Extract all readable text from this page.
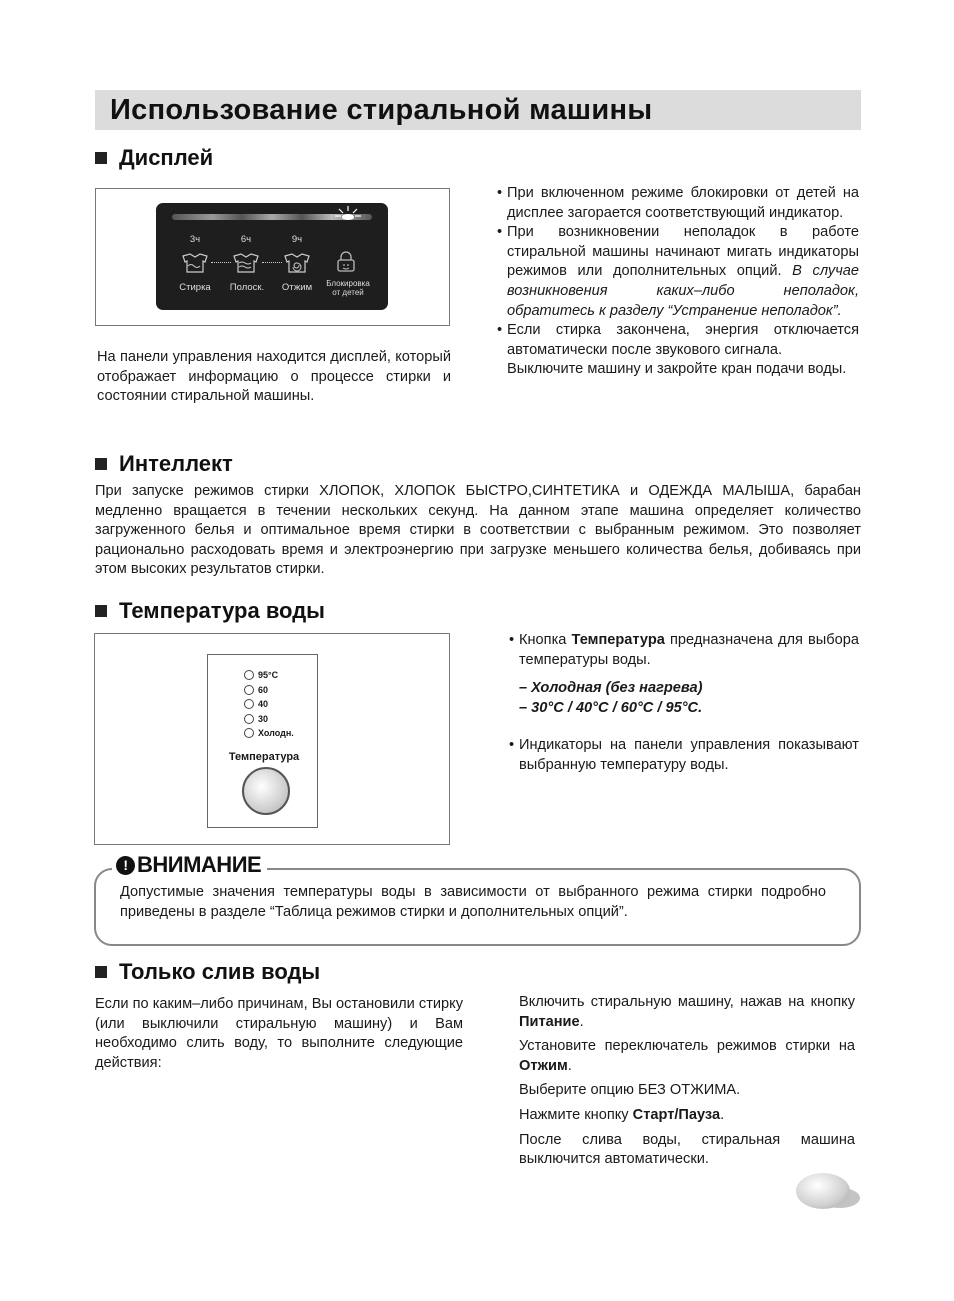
Использование стиральной машины
Дисплей
3ч	6ч	9ч
Стирка	Полоск.	Отжим	Блокировка
от детей
На панели управления находится дисплей, который отображает информацию о процессе стирки и состоянии стиральной машины.
• При включенном режиме блокировки от детей на дисплее загорается соответствующий индикатор.
• При возникновении неполадок в работе стиральной машины начинают мигать индикаторы режимов или дополнительных опций. В случае возникновения каких–либо неполадок, обратитесь к разделу “Устранение неполадок”.
• Если стирка закончена, энергия отключается автоматически после звукового сигнала.
Выключите машину и закройте кран подачи воды.
Интеллект
При запуске режимов стирки ХЛОПОК, ХЛОПОК БЫСТРО,СИНТЕТИКА и ОДЕЖДА МАЛЫША, барабан медленно вращается в течении нескольких секунд. На данном этапе машина определяет количество загруженного белья и оптимальное время стирки в соответствии с выбранным режимом. Это позволяет рационально расходовать время и электроэнергию при загрузке меньшего количества белья, добиваясь при этом высоких результатов стирки.
Температура воды
95°C
60
40
30
Холодн.
Температура
• Кнопка Температура предназначена для выбора температуры воды.
– Холодная (без нагрева)
– 30°C / 40°C / 60°C / 95°C.
• Индикаторы на панели управления показывают выбранную температуру воды.
! ВНИМАНИЕ
Допустимые значения температуры воды в зависимости от выбранного режима стирки подробно приведены в разделе “Таблица режимов стирки и дополнительных опций”.
Только слив воды
Если по каким–либо причинам, Вы остановили стирку (или выключили стиральную машину) и Вам необходимо слить воду, то выполните следующие действия:

Включить стиральную машину, нажав на кнопку Питание.

Установите переключатель режимов стирки на Отжим.

Выберите опцию БЕЗ ОТЖИМА.

Нажмите кнопку Старт/Пауза.

После слива воды, стиральная машина выключится автоматически.
